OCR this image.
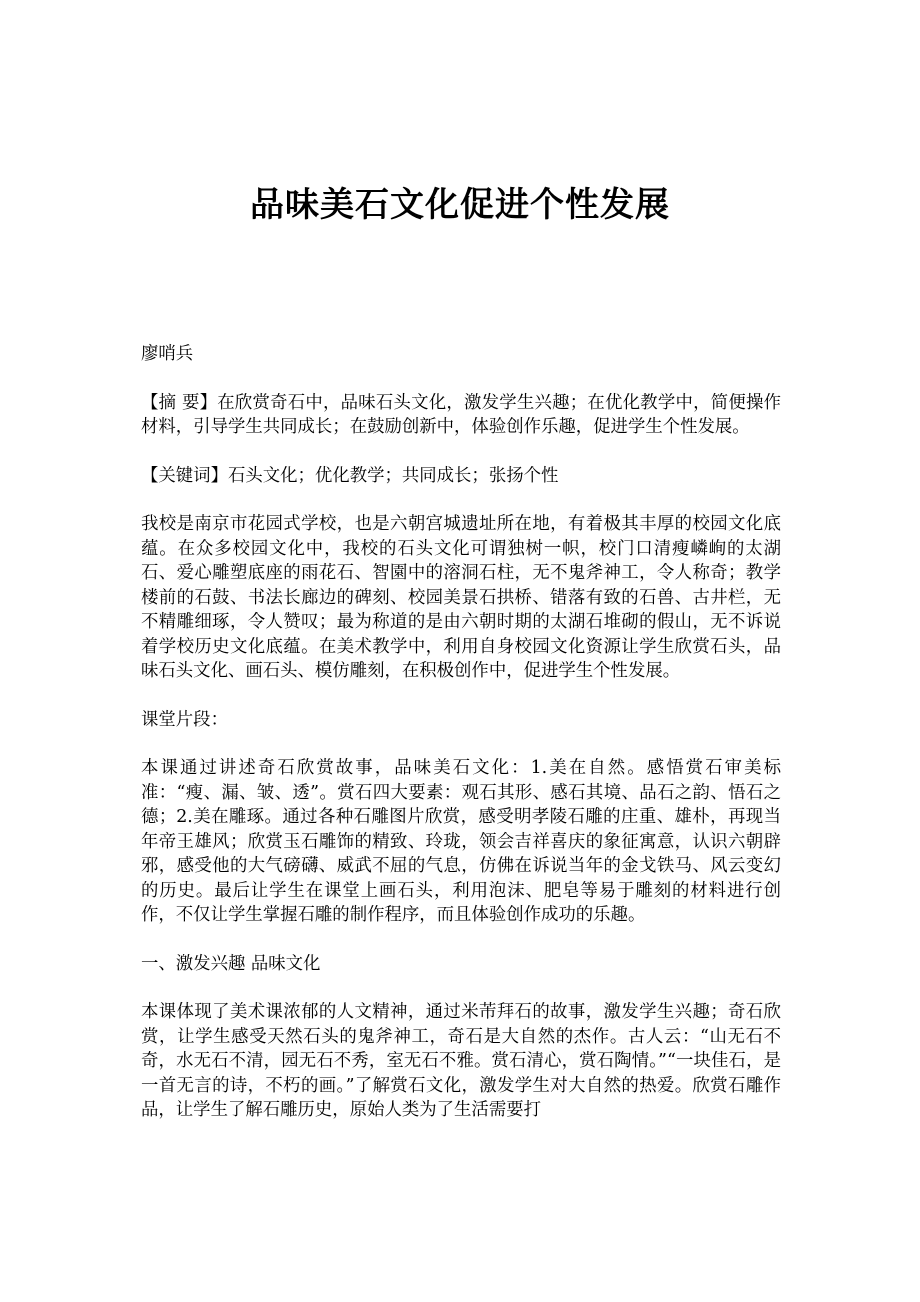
品味美石文化促进个性发展

廖哨兵

【摘 要】在欣赏奇石中，品味石头文化，激发学生兴趣；在优化教学中，简便操作材料，引导学生共同成长；在鼓励创新中，体验创作乐趣，促进学生个性发展。

【关键词】石头文化；优化教学；共同成长；张扬个性

我校是南京市花园式学校，也是六朝宫城遗址所在地，有着极其丰厚的校园文化底蕴。在众多校园文化中，我校的石头文化可谓独树一帜，校门口清瘦嶙峋的太湖石、爱心雕塑底座的雨花石、智園中的溶洞石柱，无不鬼斧神工，令人称奇；教学楼前的石鼓、书法长廊边的碑刻、校园美景石拱桥、错落有致的石兽、古井栏，无不精雕细琢，令人赞叹；最为称道的是由六朝时期的太湖石堆砌的假山，无不诉说着学校历史文化底蕴。在美术教学中，利用自身校园文化资源让学生欣赏石头，品味石头文化、画石头、模仿雕刻，在积极创作中，促进学生个性发展。

课堂片段：

本课通过讲述奇石欣赏故事，品味美石文化：1.美在自然。感悟赏石审美标准：“瘦、漏、皱、透”。赏石四大要素：观石其形、感石其境、品石之韵、悟石之德；2.美在雕琢。通过各种石雕图片欣赏，感受明孝陵石雕的庄重、雄朴，再现当年帝王雄风；欣赏玉石雕饰的精致、玲珑，领会吉祥喜庆的象征寓意，认识六朝辟邪，感受他的大气磅礴、威武不屈的气息，仿佛在诉说当年的金戈铁马、风云变幻的历史。最后让学生在课堂上画石头，利用泡沫、肥皂等易于雕刻的材料进行创作，不仅让学生掌握石雕的制作程序，而且体验创作成功的乐趣。

一、激发兴趣 品味文化

本课体现了美术课浓郁的人文精神，通过米芾拜石的故事，激发学生兴趣；奇石欣赏，让学生感受天然石头的鬼斧神工，奇石是大自然的杰作。古人云：“山无石不奇，水无石不清，园无石不秀，室无石不雅。赏石清心，赏石陶情。”“一块佳石，是一首无言的诗，不朽的画。”了解赏石文化，激发学生对大自然的热爱。欣赏石雕作品，让学生了解石雕历史，原始人类为了生活需要打
